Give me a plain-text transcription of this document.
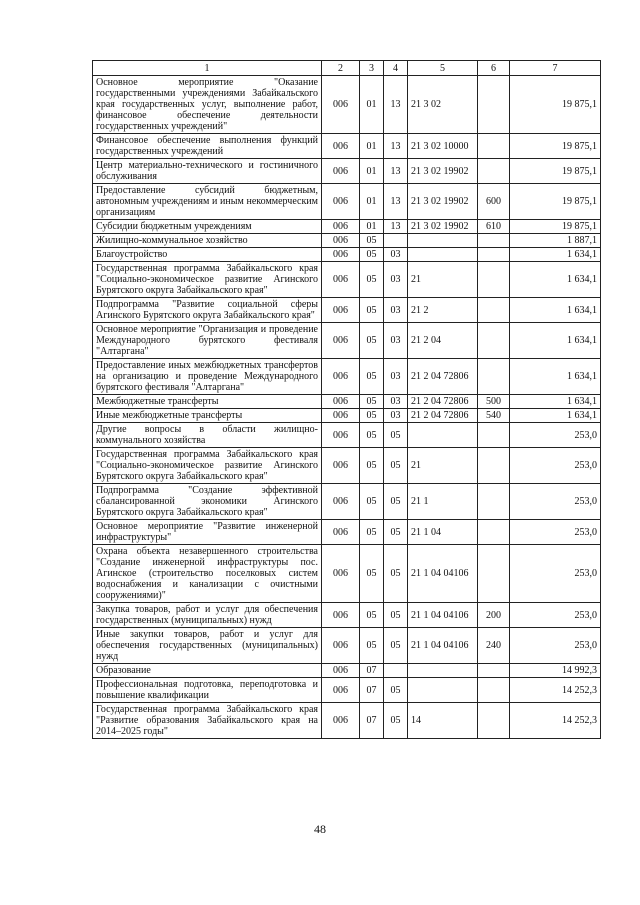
1	2	3	4	5	6	7
Основное мероприятие "Оказание государственными учреждениями Забайкальского края государственных услуг, выполнение работ, финансовое обеспечение деятельности государственных учреждений"	006	01	13	21 3 02		19 875,1
Финансовое обеспечение выполнения функций государственных учреждений	006	01	13	21 3 02 10000		19 875,1
Центр материально-технического и гостиничного обслуживания	006	01	13	21 3 02 19902		19 875,1
Предоставление субсидий бюджетным, автономным учреждениям и иным некоммерческим организациям	006	01	13	21 3 02 19902	600	19 875,1
Субсидии бюджетным учреждениям	006	01	13	21 3 02 19902	610	19 875,1
Жилищно-коммунальное хозяйство	006	05				1 887,1
Благоустройство	006	05	03			1 634,1
Государственная программа Забайкальского края "Социально-экономическое развитие Агинского Бурятского округа Забайкальского края"	006	05	03	21		1 634,1
Подпрограмма "Развитие социальной сферы Агинского Бурятского округа Забайкальского края"	006	05	03	21 2		1 634,1
Основное мероприятие "Организация и проведение Международного бурятского фестиваля "Алтаргана"	006	05	03	21 2 04		1 634,1
Предоставление иных межбюджетных трансфертов на организацию и проведение Международного бурятского фестиваля "Алтаргана"	006	05	03	21 2 04 72806		1 634,1
Межбюджетные трансферты	006	05	03	21 2 04 72806	500	1 634,1
Иные межбюджетные трансферты	006	05	03	21 2 04 72806	540	1 634,1
Другие вопросы в области жилищно-коммунального хозяйства	006	05	05			253,0
Государственная программа Забайкальского края "Социально-экономическое развитие Агинского Бурятского округа Забайкальского края"	006	05	05	21		253,0
Подпрограмма "Создание эффективной сбалансированной экономики Агинского Бурятского округа Забайкальского края"	006	05	05	21 1		253,0
Основное мероприятие "Развитие инженерной инфраструктуры"	006	05	05	21 1 04		253,0
Охрана объекта незавершенного строительства "Создание инженерной инфраструктуры пос. Агинское (строительство поселковых систем водоснабжения и канализации с очистными сооружениями)"	006	05	05	21 1 04 04106		253,0
Закупка товаров, работ и услуг для обеспечения государственных (муниципальных) нужд	006	05	05	21 1 04 04106	200	253,0
Иные закупки товаров, работ и услуг для обеспечения государственных (муниципальных) нужд	006	05	05	21 1 04 04106	240	253,0
Образование	006	07				14 992,3
Профессиональная подготовка, переподготовка и повышение квалификации	006	07	05			14 252,3
Государственная программа Забайкальского края "Развитие образования Забайкальского края на 2014–2025 годы"	006	07	05	14		14 252,3
48
